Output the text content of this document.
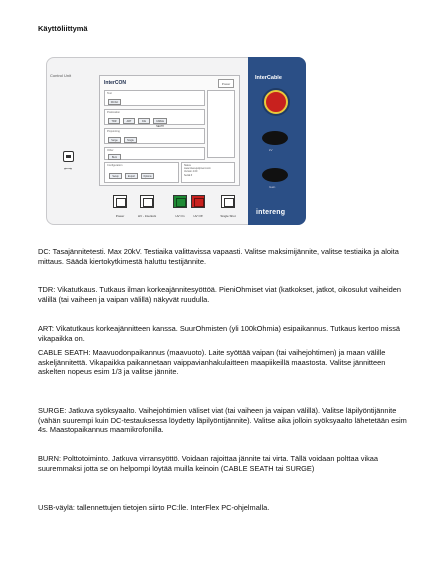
Käyttöliittymä
Control Unit
⭠⭢
InterCON	Power
Test
DC/AC
Prelocation
TDR	ART	ICE	CABLE SEATH
Pinpointing
Surge	Single
Other
Burn
Configuration
Setup	Export	Options
Status
www.interequipment.com
Version 4.00
Serial #
InterCable
kV
Gain
intereng
Power	HV - Interlock	HV On	HV Off	Single Shot
DC: Tasajännitetesti. Max 20kV. Testiaika valittavissa vapaasti. Valitse maksimijännite, valitse testiaika ja aloita mittaus. Säädä kiertokytkimestä haluttu testijännite.
TDR: Vikatutkaus. Tutkaus ilman korkeajännitesyöttöä. PieniOhmiset viat (katkokset, jatkot, oikosulut vaiheiden välillä (tai vaiheen ja vaipan välillä) näkyvät ruudulla.
ART: Vikatutkaus korkeajännitteen kanssa. SuurOhmisten (yli 100kOhmia) esipaikannus. Tutkaus kertoo missä vikapaikka on.
CABLE SEATH: Maavuodonpaikannus (maavuoto). Laite syöttää vaipan (tai vaihejohtimen) ja maan välille askeljännitettä. Vikapaikka paikannetaan vaippavianhakulaitteen maapiikeillä maastosta. Valitse jännitteen askelten nopeus esim 1/3 ja valitse jännite.
SURGE: Jatkuva syöksyaalto. Vaihejohtimien väliset viat (tai vaiheen ja vaipan välillä). Valitse läpilyöntijännite (vähän suurempi kuin DC-testauksessa löydetty läpilyöntijännite). Valitse aika jolloin syöksyaalto lähetetään esim 4s. Maastopaikannus maamikrofonilla.
BURN: Polttotoiminto. Jatkuva virransyöttö. Voidaan rajoittaa jännite tai virta. Tällä voidaan polttaa vikaa suuremmaksi jotta se on helpompi löytää muilla keinoin (CABLE SEATH tai SURGE)
USB-väylä: tallennettujen tietojen siirto PC:lle. InterFlex PC-ohjelmalla.
